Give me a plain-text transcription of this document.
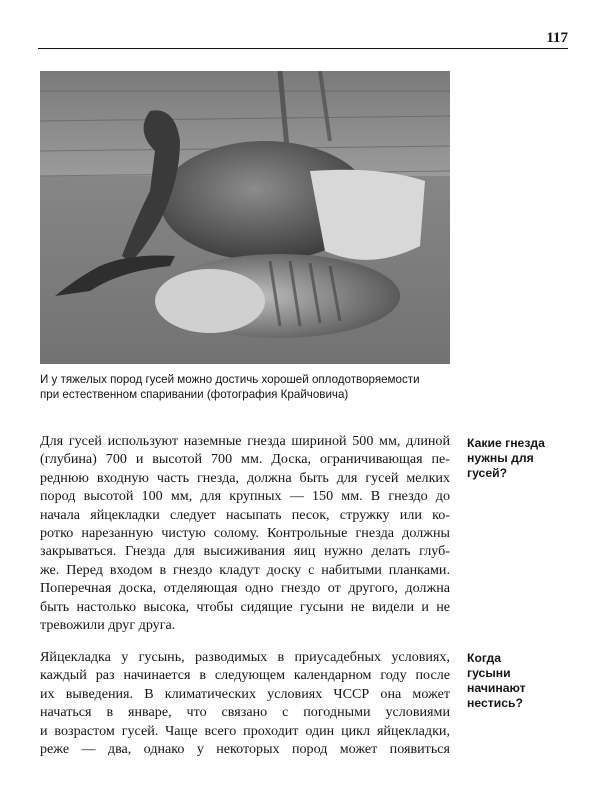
117
И у тяжелых пород гусей можно достичь хорошей оплодотворяемости
при естественном спаривании (фотография Крайчовича)

Для гусей используют наземные гнезда шириной 500 мм, длиной
(глубина) 700 и высотой 700 мм. Доска, ограничивающая пе-
реднюю входную часть гнезда, должна быть для гусей мелких
пород высотой 100 мм, для крупных — 150 мм. В гнездо до
начала яйцекладки следует насыпать песок, стружку или ко-
ротко нарезанную чистую солому. Контрольные гнезда должны
закрываться. Гнезда для высиживания яиц нужно делать глуб-
же. Перед входом в гнездо кладут доску с набитыми планками.
Поперечная доска, отделяющая одно гнездо от другого, должна
быть настолько высока, чтобы сидящие гусыни не видели и не
тревожили друг друга.

Какие гнезда
нужны для
гусей?

Яйцекладка у гусынь, разводимых в приусадебных условиях,
каждый раз начинается в следующем календарном году после
их выведения. В климатических условиях ЧССР она может
начаться в январе, что связано с погодными условиями
и возрастом гусей. Чаще всего проходит один цикл яйцекладки,
реже — два, однако у некоторых пород может появиться

Когда
гусыни
начинают
нестись?
